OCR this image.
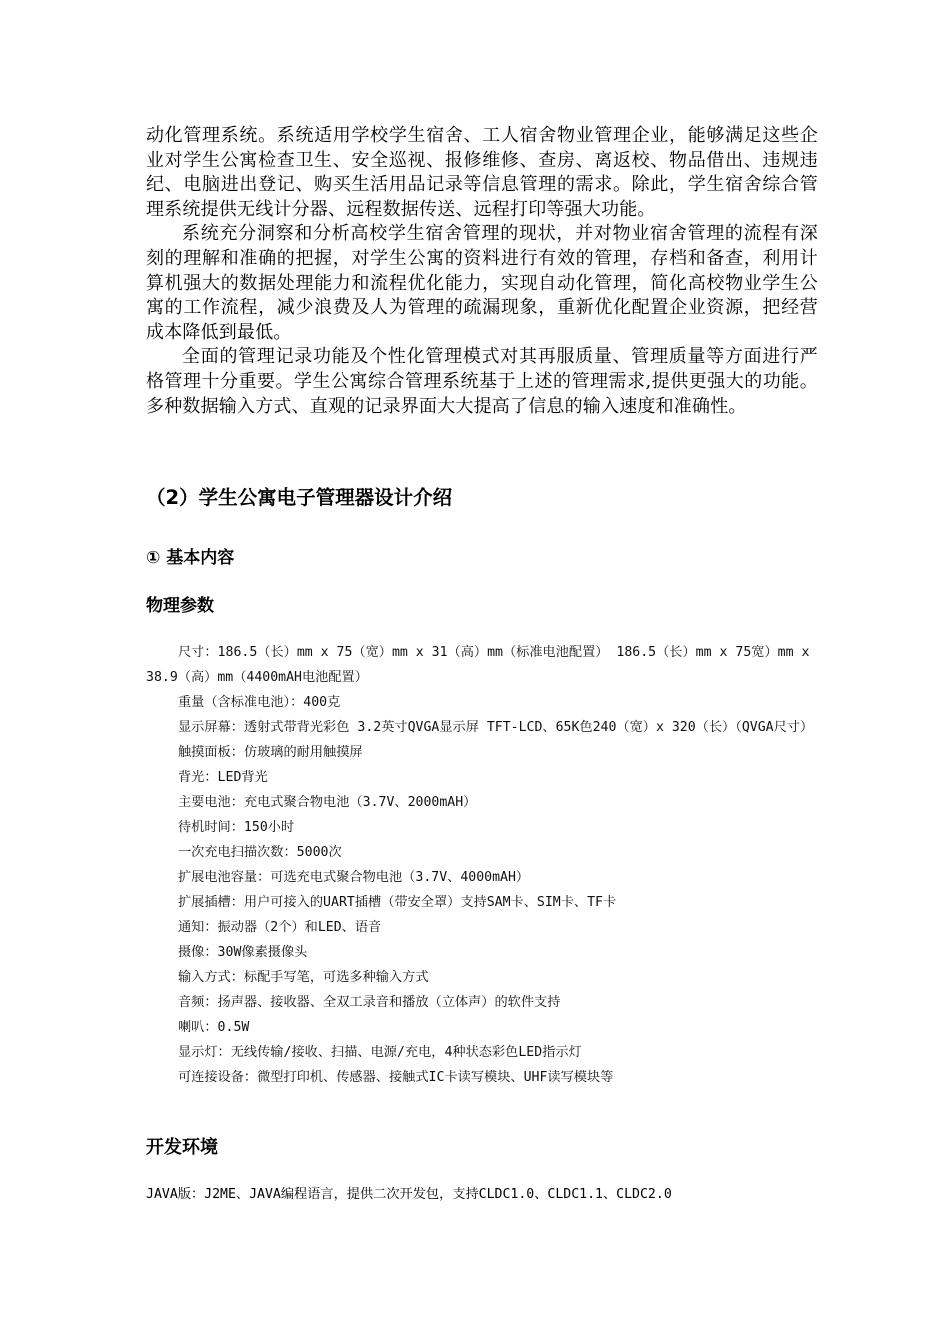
动化管理系统。系统适用学校学生宿舍、工人宿舍物业管理企业，能够满足这些企业对学生公寓检查卫生、安全巡视、报修维修、查房、离返校、物品借出、违规违纪、电脑进出登记、购买生活用品记录等信息管理的需求。除此，学生宿舍综合管理系统提供无线计分器、远程数据传送、远程打印等强大功能。

系统充分洞察和分析高校学生宿舍管理的现状，并对物业宿舍管理的流程有深刻的理解和准确的把握，对学生公寓的资料进行有效的管理，存档和备查，利用计算机强大的数据处理能力和流程优化能力，实现自动化管理，简化高校物业学生公寓的工作流程，减少浪费及人为管理的疏漏现象，重新优化配置企业资源，把经营成本降低到最低。

全面的管理记录功能及个性化管理模式对其再服质量、管理质量等方面进行严格管理十分重要。学生公寓综合管理系统基于上述的管理需求,提供更强大的功能。多种数据输入方式、直观的记录界面大大提高了信息的输入速度和准确性。

（2）学生公寓电子管理器设计介绍
① 基本内容
物理参数

尺寸：186.5（长）mm x 75（宽）mm x 31（高）mm（标准电池配置） 186.5（长）mm x 75宽）mm x 38.9（高）mm（4400mAH电池配置）

重量（含标准电池）：400克

显示屏幕：透射式带背光彩色 3.2英寸QVGA显示屏 TFT-LCD、65K色240（宽）x 320（长）（QVGA尺寸）

触摸面板：仿玻璃的耐用触摸屏

背光：LED背光

主要电池：充电式聚合物电池（3.7V、2000mAH）

待机时间：150小时

一次充电扫描次数：5000次

扩展电池容量：可选充电式聚合物电池（3.7V、4000mAH）

扩展插槽：用户可接入的UART插槽（带安全罩）支持SAM卡、SIM卡、TF卡

通知：振动器（2个）和LED、语音

摄像：30W像素摄像头

输入方式：标配手写笔，可选多种输入方式

音频：扬声器、接收器、全双工录音和播放（立体声）的软件支持

喇叭：0.5W

显示灯：无线传输/接收、扫描、电源/充电，4种状态彩色LED指示灯

可连接设备：微型打印机、传感器、接触式IC卡读写模块、UHF读写模块等

开发环境

JAVA版：J2ME、JAVA编程语言，提供二次开发包，支持CLDC1.0、CLDC1.1、CLDC2.0
